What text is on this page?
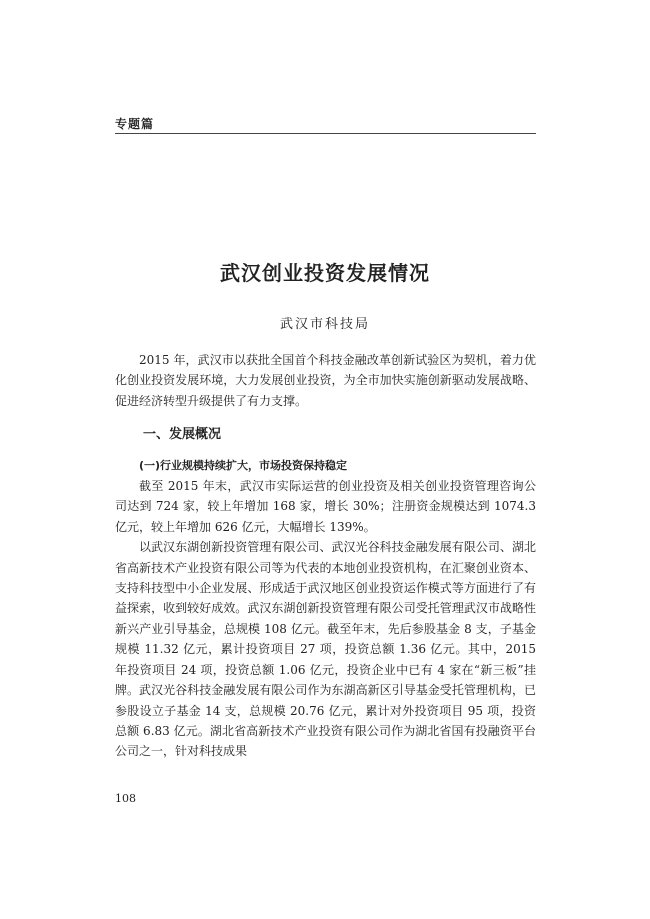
专题篇
武汉创业投资发展情况
武汉市科技局

2015 年，武汉市以获批全国首个科技金融改革创新试验区为契机，着力优化创业投资发展环境，大力发展创业投资，为全市加快实施创新驱动发展战略、促进经济转型升级提供了有力支撑。

一、发展概况
(一)行业规模持续扩大，市场投资保持稳定

截至 2015 年末，武汉市实际运营的创业投资及相关创业投资管理咨询公司达到 724 家，较上年增加 168 家，增长 30%；注册资金规模达到 1074.3 亿元，较上年增加 626 亿元，大幅增长 139%。

以武汉东湖创新投资管理有限公司、武汉光谷科技金融发展有限公司、湖北省高新技术产业投资有限公司等为代表的本地创业投资机构，在汇聚创业资本、支持科技型中小企业发展、形成适于武汉地区创业投资运作模式等方面进行了有益探索，收到较好成效。武汉东湖创新投资管理有限公司受托管理武汉市战略性新兴产业引导基金，总规模 108 亿元。截至年末，先后参股基金 8 支，子基金规模 11.32 亿元，累计投资项目 27 项，投资总额 1.36 亿元。其中，2015 年投资项目 24 项，投资总额 1.06 亿元，投资企业中已有 4 家在“新三板”挂牌。武汉光谷科技金融发展有限公司作为东湖高新区引导基金受托管理机构，已参股设立子基金 14 支，总规模 20.76 亿元，累计对外投资项目 95 项，投资总额 6.83 亿元。湖北省高新技术产业投资有限公司作为湖北省国有投融资平台公司之一，针对科技成果

108
